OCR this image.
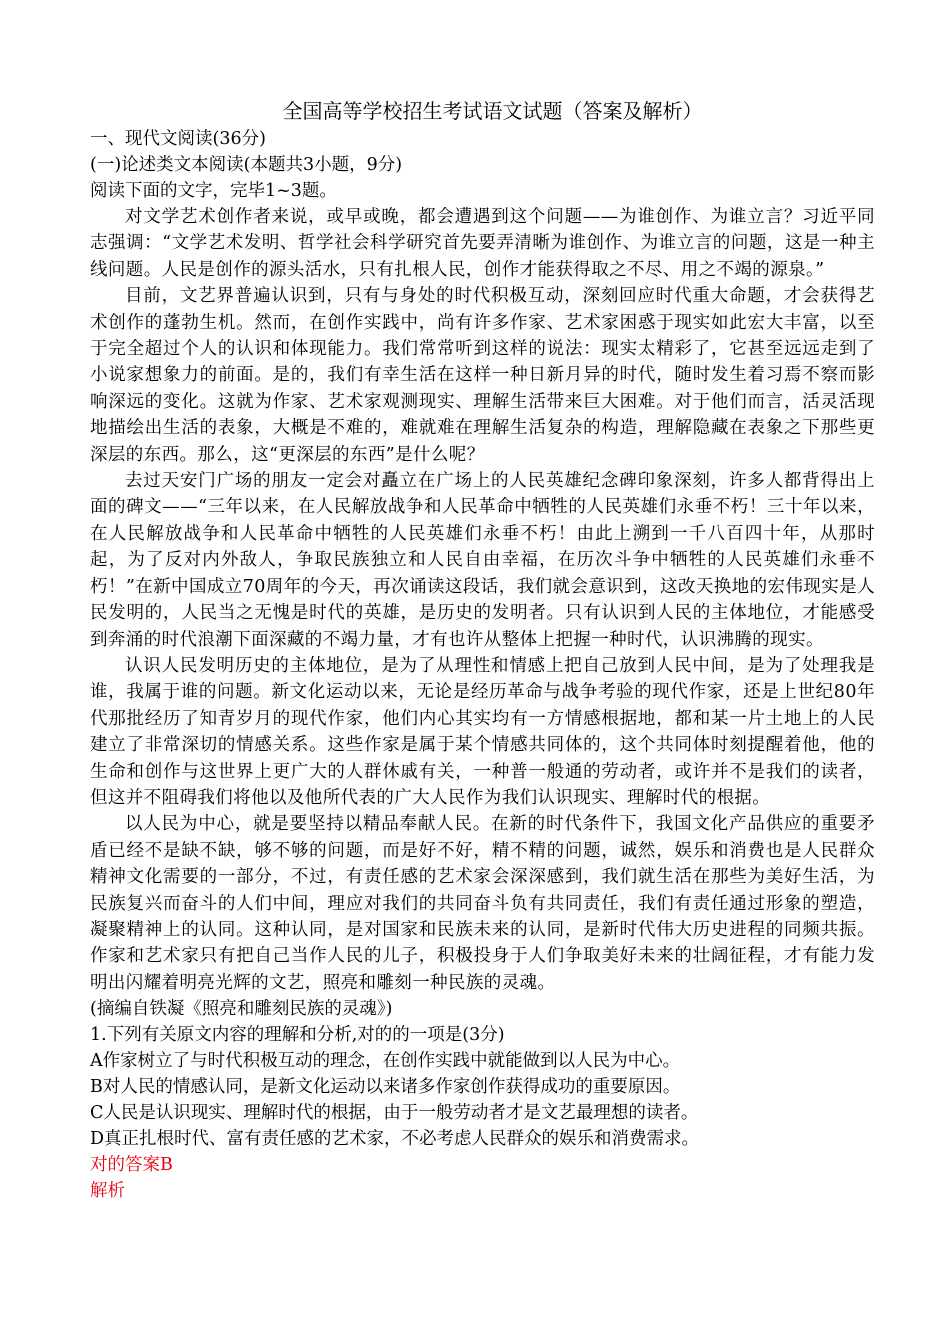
全国高等学校招生考试语文试题（答案及解析）

一、现代文阅读(36分)

(一)论述类文本阅读(本题共3小题，9分)

阅读下面的文字，完毕1~3题。

对文学艺术创作者来说，或早或晚，都会遭遇到这个问题——为谁创作、为谁立言？习近平同志强调：“文学艺术发明、哲学社会科学研究首先要弄清晰为谁创作、为谁立言的问题，这是一种主线问题。人民是创作的源头活水，只有扎根人民，创作才能获得取之不尽、用之不竭的源泉。”

目前，文艺界普遍认识到，只有与身处的时代积极互动，深刻回应时代重大命题，才会获得艺术创作的蓬勃生机。然而，在创作实践中，尚有许多作家、艺术家困惑于现实如此宏大丰富，以至于完全超过个人的认识和体现能力。我们常常听到这样的说法：现实太精彩了，它甚至远远走到了小说家想象力的前面。是的，我们有幸生活在这样一种日新月异的时代，随时发生着习焉不察而影响深远的变化。这就为作家、艺术家观测现实、理解生活带来巨大困难。对于他们而言，活灵活现地描绘出生活的表象，大概是不难的，难就难在理解生活复杂的构造，理解隐藏在表象之下那些更深层的东西。那么，这“更深层的东西”是什么呢？

去过天安门广场的朋友一定会对矗立在广场上的人民英雄纪念碑印象深刻，许多人都背得出上面的碑文——“三年以来，在人民解放战争和人民革命中牺牲的人民英雄们永垂不朽！三十年以来，在人民解放战争和人民革命中牺牲的人民英雄们永垂不朽！由此上溯到一千八百四十年，从那时起，为了反对内外敌人，争取民族独立和人民自由幸福，在历次斗争中牺牲的人民英雄们永垂不朽！”在新中国成立70周年的今天，再次诵读这段话，我们就会意识到，这改天换地的宏伟现实是人民发明的，人民当之无愧是时代的英雄，是历史的发明者。只有认识到人民的主体地位，才能感受到奔涌的时代浪潮下面深藏的不竭力量，才有也许从整体上把握一种时代，认识沸腾的现实。

认识人民发明历史的主体地位，是为了从理性和情感上把自己放到人民中间，是为了处理我是谁，我属于谁的问题。新文化运动以来，无论是经历革命与战争考验的现代作家，还是上世纪80年代那批经历了知青岁月的现代作家，他们内心其实均有一方情感根据地，都和某一片土地上的人民建立了非常深切的情感关系。这些作家是属于某个情感共同体的，这个共同体时刻提醒着他，他的生命和创作与这世界上更广大的人群休戚有关，一种普一般通的劳动者，或许并不是我们的读者，但这并不阻碍我们将他以及他所代表的广大人民作为我们认识现实、理解时代的根据。

以人民为中心，就是要坚持以精品奉献人民。在新的时代条件下，我国文化产品供应的重要矛盾已经不是缺不缺，够不够的问题，而是好不好，精不精的问题，诚然，娱乐和消费也是人民群众精神文化需要的一部分，不过，有责任感的艺术家会深深感到，我们就生活在那些为美好生活，为民族复兴而奋斗的人们中间，理应对我们的共同奋斗负有共同责任，我们有责任通过形象的塑造，凝聚精神上的认同。这种认同，是对国家和民族未来的认同，是新时代伟大历史进程的同频共振。作家和艺术家只有把自己当作人民的儿子，积极投身于人们争取美好未来的壮阔征程，才有能力发明出闪耀着明亮光辉的文艺，照亮和雕刻一种民族的灵魂。

(摘编自铁凝《照亮和雕刻民族的灵魂》)

1.下列有关原文内容的理解和分析,对的的一项是(3分)

A作家树立了与时代积极互动的理念，在创作实践中就能做到以人民为中心。

B对人民的情感认同，是新文化运动以来诸多作家创作获得成功的重要原因。

C人民是认识现实、理解时代的根据，由于一般劳动者才是文艺最理想的读者。

D真正扎根时代、富有责任感的艺术家，不必考虑人民群众的娱乐和消费需求。

对的答案B

解析
